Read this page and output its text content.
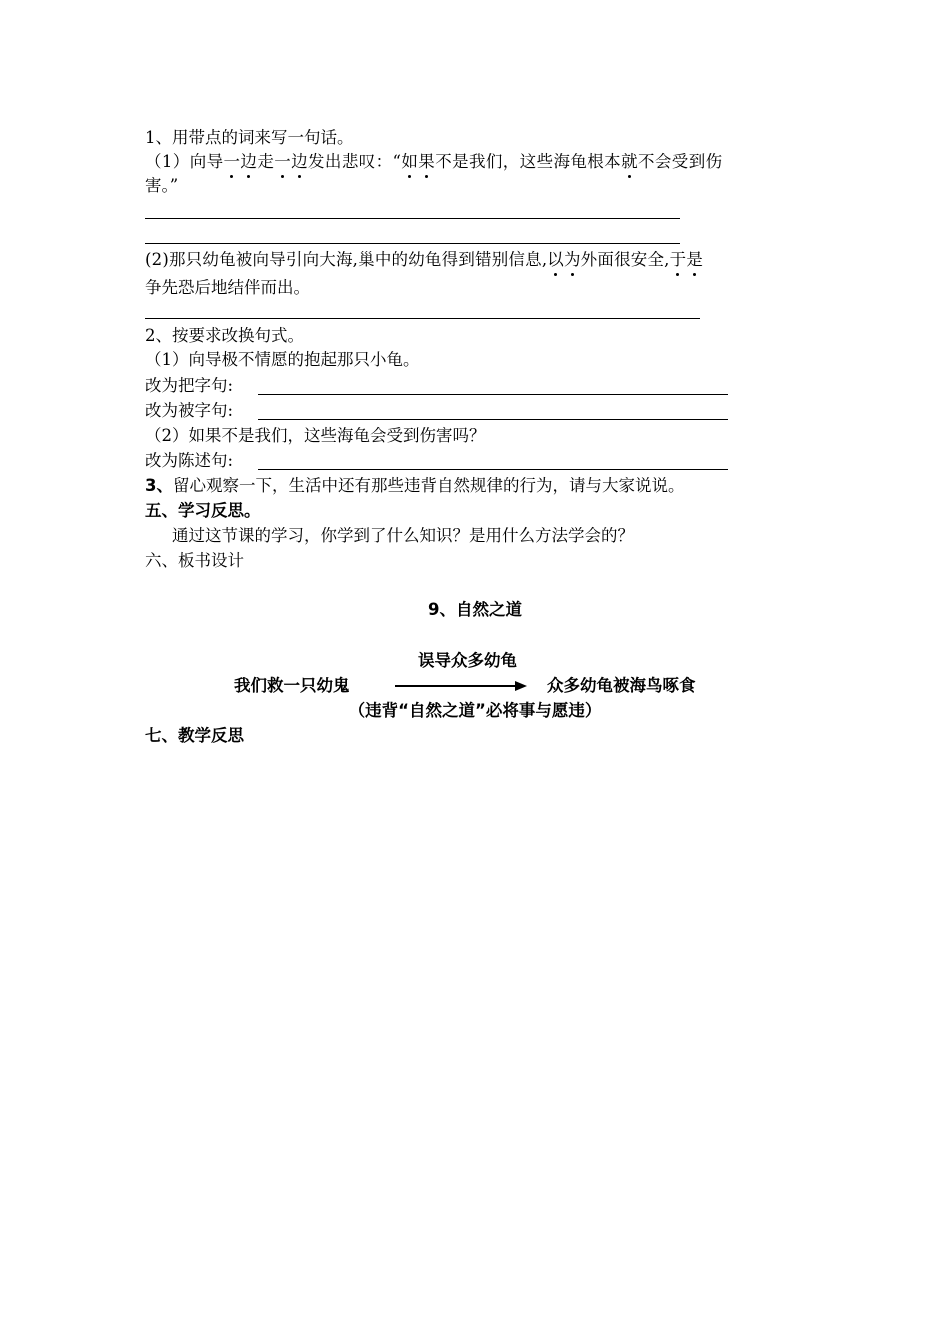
1、用带点的词来写一句话。
（1）向导一边走一边发出悲叹：“如果不是我们，这些海龟根本就不会受到伤
害。”
(2)那只幼龟被向导引向大海,巢中的幼龟得到错别信息,以为外面很安全,于是
争先恐后地结伴而出。
2、按要求改换句式。
（1）向导极不情愿的抱起那只小龟。
改为把字句:
改为被字句:
（2）如果不是我们，这些海龟会受到伤害吗？
改为陈述句:
3、留心观察一下，生活中还有那些违背自然规律的行为，请与大家说说。
五、学习反思。
通过这节课的学习，你学到了什么知识？是用什么方法学会的？
六、板书设计
9、自然之道
误导众多幼龟
我们救一只幼鬼	众多幼龟被海鸟啄食
（违背“自然之道”必将事与愿违）
七、教学反思
